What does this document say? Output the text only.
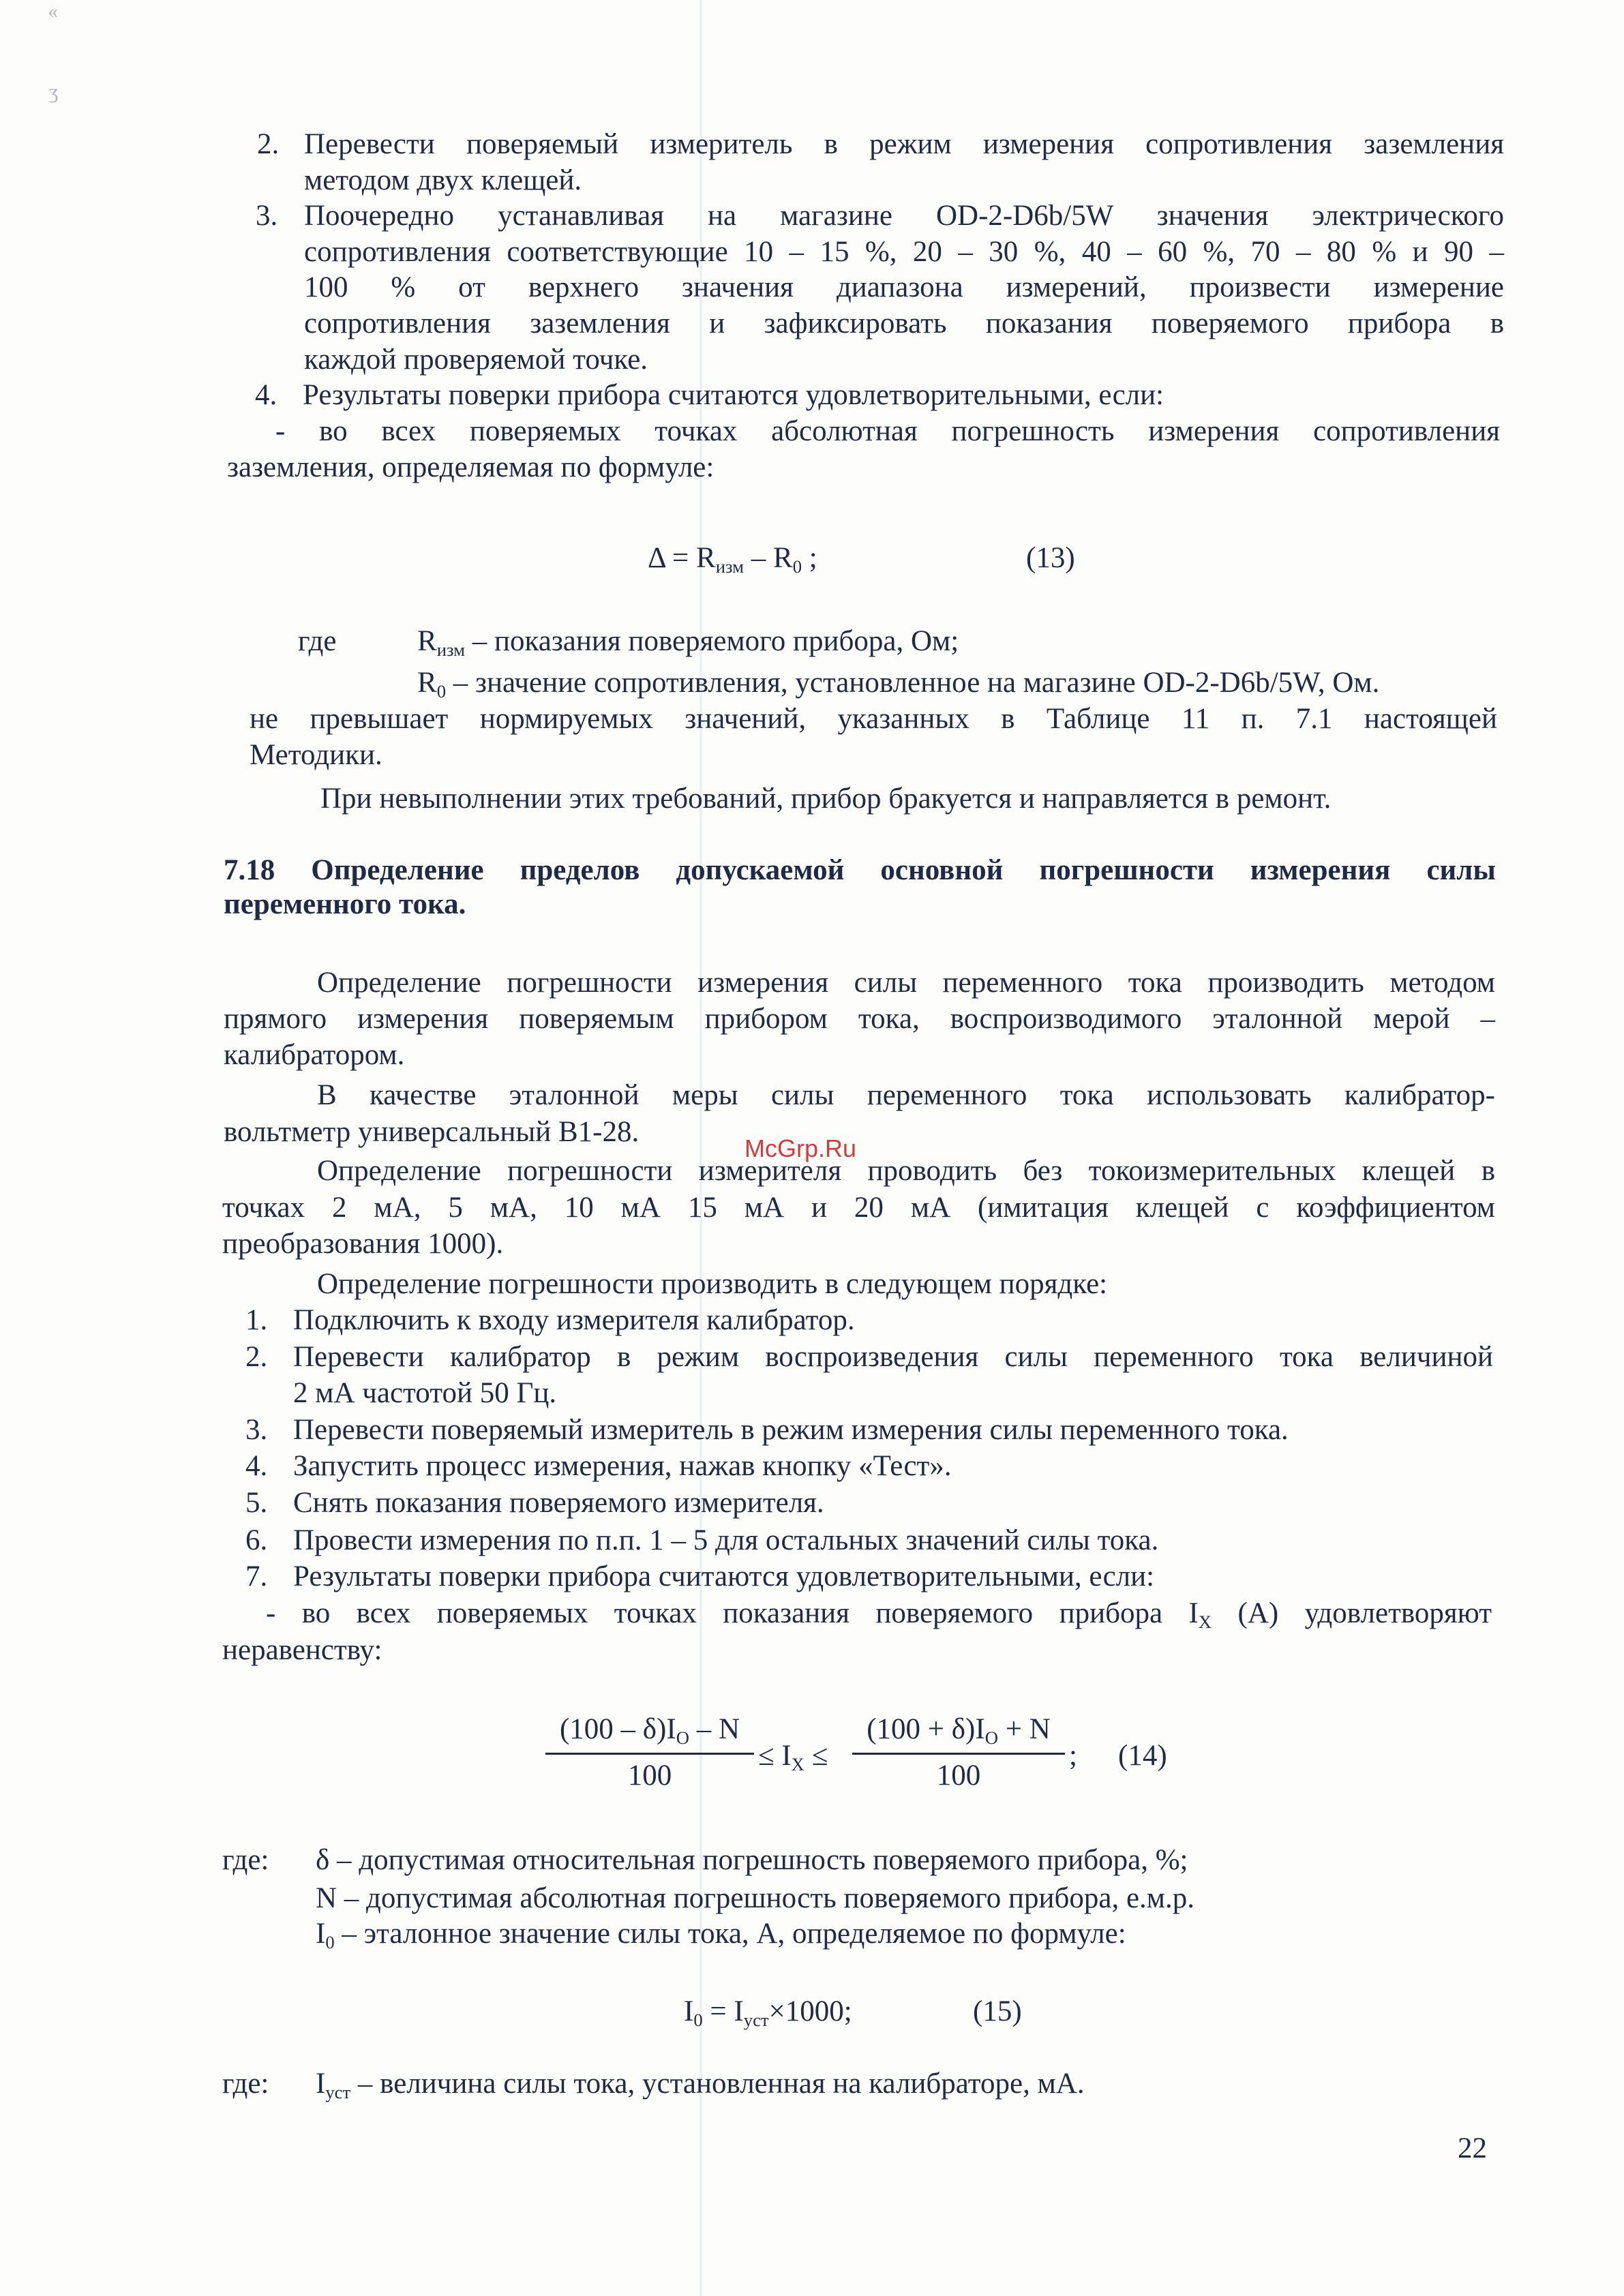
«
ʒ
2. Перевести поверяемый измеритель в режим измерения сопротивления заземления
методом двух клещей.
3. Поочередно устанавливая на магазине OD-2-D6b/5W значения электрического
сопротивления соответствующие 10 – 15 %, 20 – 30 %, 40 – 60 %, 70 – 80 % и 90 –
100 % от верхнего значения диапазона измерений, произвести измерение
сопротивления заземления и зафиксировать показания поверяемого прибора в
каждой проверяемой точке.
4. Результаты поверки прибора считаются удовлетворительными, если:
- во всех поверяемых точках абсолютная погрешность измерения сопротивления
заземления, определяемая по формуле:
$\Delta = R_{изм} - R_0$ ;	(13)
где	$R_{изм}$ – показания поверяемого прибора, Ом;
$R_0$ – значение сопротивления, установленное на магазине OD-2-D6b/5W, Ом.
не превышает нормируемых значений, указанных в Таблице 11 п. 7.1 настоящей
Методики.
При невыполнении этих требований, прибор бракуется и направляется в ремонт.
7.18 Определение пределов допускаемой основной погрешности измерения силы
переменного тока.
Определение погрешности измерения силы переменного тока производить методом
прямого измерения поверяемым прибором тока, воспроизводимого эталонной мерой –
калибратором.
В качестве эталонной меры силы переменного тока использовать калибратор-
вольтметр универсальный В1-28.
Определение погрешности измерителя проводить без токоизмерительных клещей в
точках 2 мА, 5 мА, 10 мА 15 мА и 20 мА (имитация клещей с коэффициентом
преобразования 1000).
Определение погрешности производить в следующем порядке:
1. Подключить к входу измерителя калибратор.
2. Перевести калибратор в режим воспроизведения силы переменного тока величиной
2 мА частотой 50 Гц.
3. Перевести поверяемый измеритель в режим измерения силы переменного тока.
4. Запустить процесс измерения, нажав кнопку «Тест».
5. Снять показания поверяемого измерителя.
6. Провести измерения по п.п. 1 – 5 для остальных значений силы тока.
7. Результаты поверки прибора считаются удовлетворительными, если:
- во всех поверяемых точках показания поверяемого прибора $I_X$ (А) удовлетворяют
неравенству:
$(100 - \delta)I_O$ – N
100
≤ $I_X$ ≤
$(100 + \delta)I_O + N$
100
; (14)
где: δ – допустимая относительная погрешность поверяемого прибора, %;
N – допустимая абсолютная погрешность поверяемого прибора, е.м.р.
$I_0$ – эталонное значение силы тока, А, определяемое по формуле:
$I_0 = I_{уст}\times 1000$;	(15)
где: $I_{уст}$ – величина силы тока, установленная на калибраторе, мА.
22
McGrp.Ru
